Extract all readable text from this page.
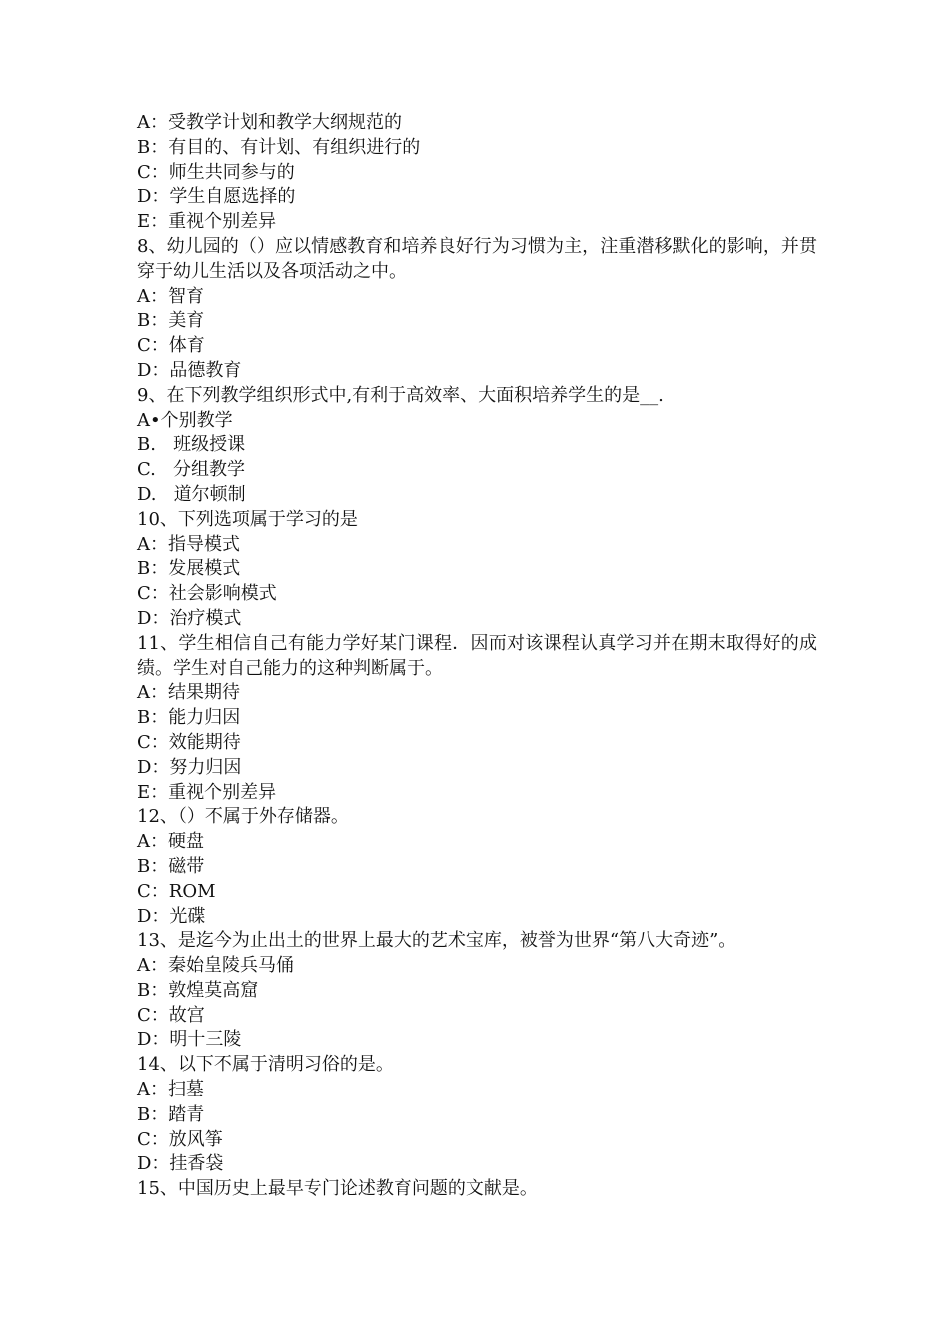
A：受教学计划和教学大纲规范的

B：有目的、有计划、有组织进行的

C：师生共同参与的

D：学生自愿选择的

E：重视个别差异

8、幼儿园的（）应以情感教育和培养良好行为习惯为主，注重潜移默化的影响，并贯穿于幼儿生活以及各项活动之中。

A：智育

B：美育

C：体育

D：品德教育

9、在下列教学组织形式中,有利于高效率、大面积培养学生的是__.

A•个别教学

B.   班级授课

C.   分组教学

D.   道尔顿制

10、下列选项属于学习的是

A：指导模式

B：发展模式

C：社会影响模式

D：治疗模式

11、学生相信自己有能力学好某门课程．因而对该课程认真学习并在期末取得好的成绩。学生对自己能力的这种判断属于。

A：结果期待

B：能力归因

C：效能期待

D：努力归因

E：重视个别差异

12、（）不属于外存储器。

A：硬盘

B：磁带

C：ROM

D：光碟

13、是迄今为止出土的世界上最大的艺术宝库，被誉为世界“第八大奇迹”。

A：秦始皇陵兵马俑

B：敦煌莫高窟

C：故宫

D：明十三陵

14、以下不属于清明习俗的是。

A：扫墓

B：踏青

C：放风筝

D：挂香袋

15、中国历史上最早专门论述教育问题的文献是。
